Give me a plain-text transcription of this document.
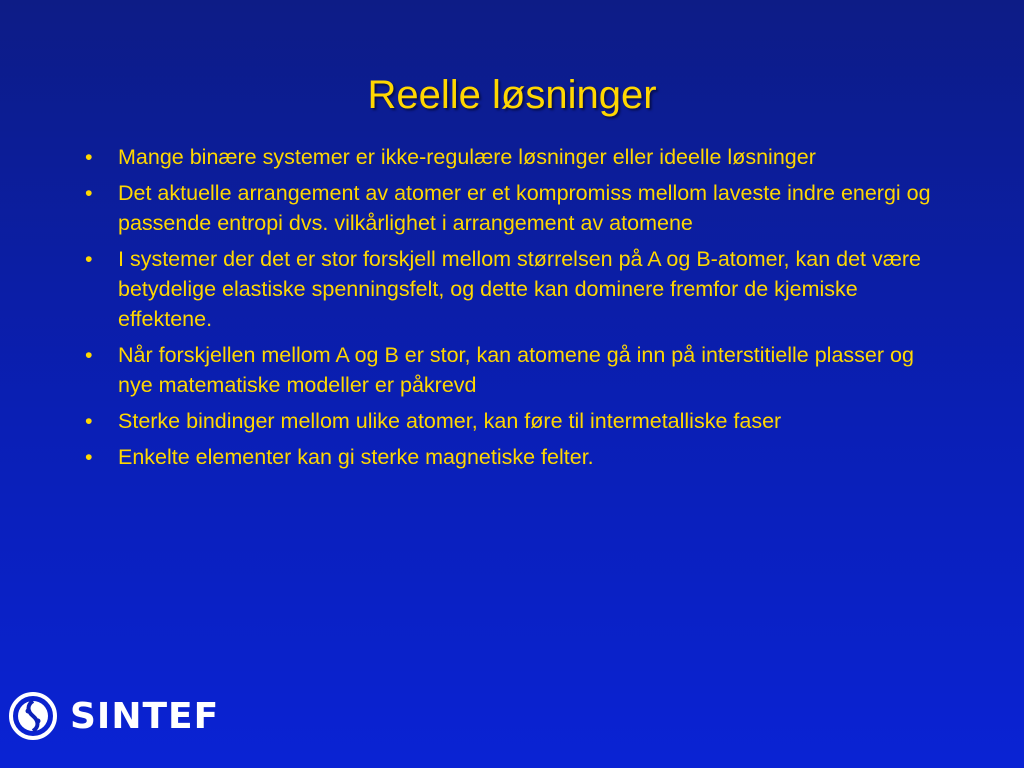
Reelle løsninger
•	Mange binære systemer er ikke-regulære løsninger eller ideelle løsninger
•	Det aktuelle arrangement av atomer er et kompromiss mellom laveste indre energi og passende entropi dvs. vilkårlighet i arrangement av atomene
•	I systemer der det er stor forskjell mellom størrelsen på A og B-atomer, kan det være betydelige elastiske spenningsfelt, og dette kan dominere fremfor de kjemiske effektene.
•	Når forskjellen mellom A og B er stor, kan atomene gå inn på interstitielle plasser og nye matematiske modeller er påkrevd
•	Sterke bindinger mellom ulike atomer, kan føre til intermetalliske faser
•	Enkelte elementer kan gi sterke magnetiske felter.
SINTEF
